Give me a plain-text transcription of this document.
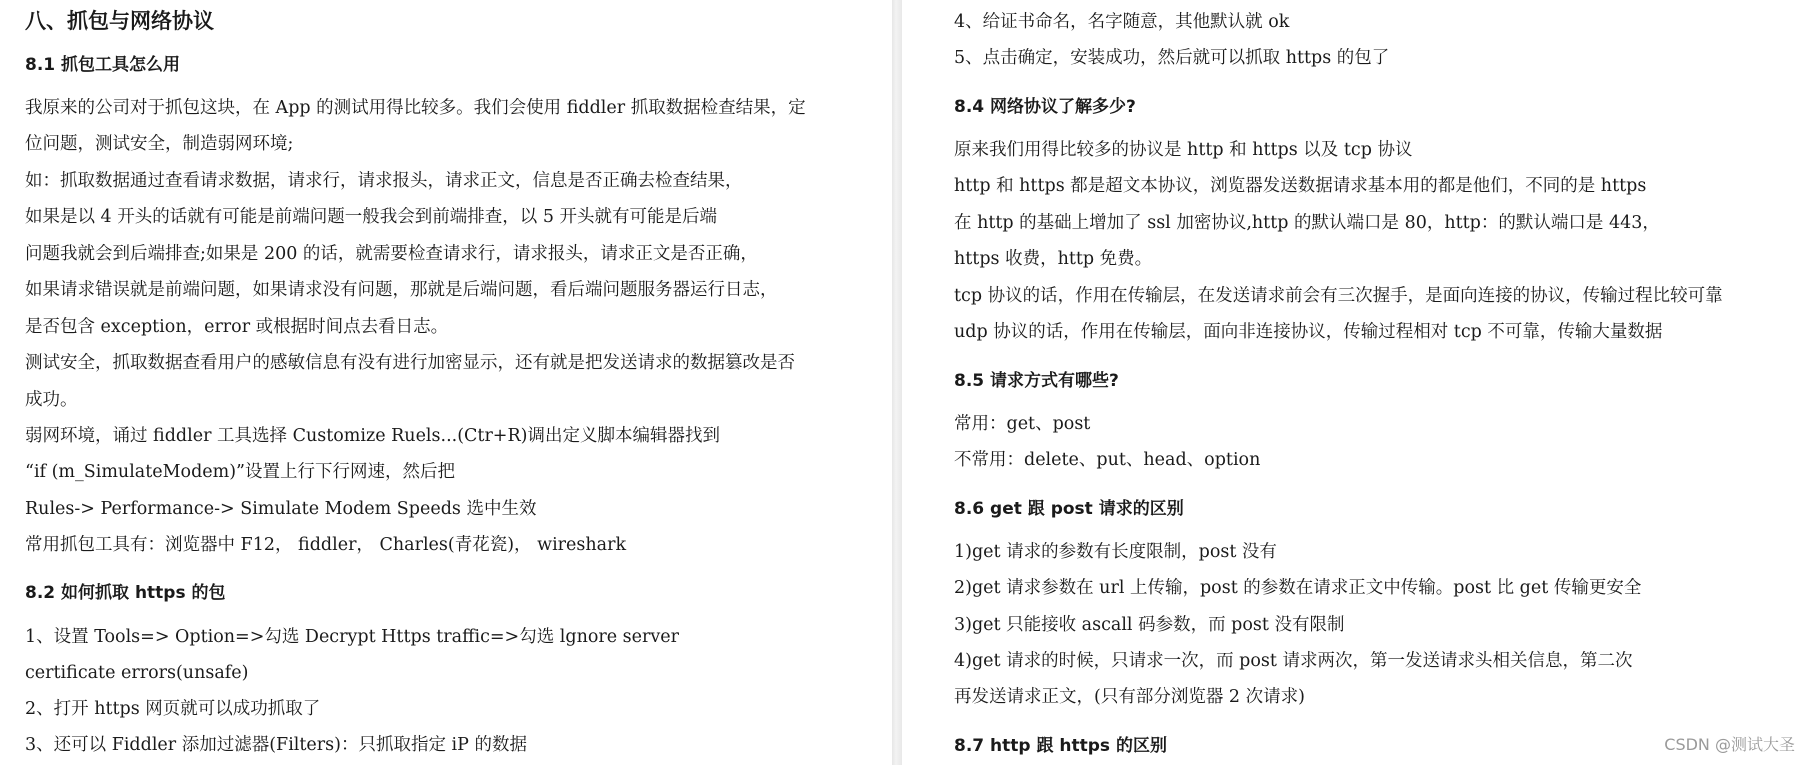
八、抓包与网络协议
8.1 抓包工具怎么用
我原来的公司对于抓包这块，在 App 的测试用得比较多。我们会使用 fiddler 抓取数据检查结果，定
位问题，测试安全，制造弱网环境;
如：抓取数据通过查看请求数据，请求行，请求报头，请求正文，信息是否正确去检查结果，
如果是以 4 开头的话就有可能是前端问题一般我会到前端排查，以 5 开头就有可能是后端
问题我就会到后端排查;如果是 200 的话，就需要检查请求行，请求报头，请求正文是否正确，
如果请求错误就是前端问题，如果请求没有问题，那就是后端问题，看后端问题服务器运行日志，
是否包含 exception，error 或根据时间点去看日志。
测试安全，抓取数据查看用户的感敏信息有没有进行加密显示，还有就是把发送请求的数据篡改是否
成功。
弱网环境，诵过 fiddler 工具选择 Customize Ruels...(Ctr+R)调出定义脚本编辑器找到
“if (m_SimulateModem)”设置上行下行网速，然后把
Rules-> Performance-> Simulate Modem Speeds 选中生效
常用抓包工具有：浏览器中 F12， fiddler， Charles(青花瓷)， wireshark
8.2 如何抓取 https 的包
1、设置 Tools=> Option=>勾选 Decrypt Https traffic=>勾选 lgnore server
certificate errors(unsafe)
2、打开 https 网页就可以成功抓取了
3、还可以 Fiddler 添加过滤器(Filters)：只抓取指定 iP 的数据
4、给证书命名，名字随意，其他默认就 ok
5、点击确定，安装成功，然后就可以抓取 https 的包了
8.4 网络协议了解多少?
原来我们用得比较多的协议是 http 和 https 以及 tcp 协议
http 和 https 都是超文本协议，浏览器发送数据请求基本用的都是他们，不同的是 https
在 http 的基础上增加了 ssl 加密协议,http 的默认端口是 80，http：的默认端口是 443，
https 收费，http 免费。
tcp 协议的话，作用在传输层，在发送请求前会有三次握手，是面向连接的协议，传输过程比较可靠
udp 协议的话，作用在传输层，面向非连接协议，传输过程相对 tcp 不可靠，传输大量数据
8.5 请求方式有哪些?
常用：get、post
不常用：delete、put、head、option
8.6 get 跟 post 请求的区别
1)get 请求的参数有长度限制，post 没有
2)get 请求参数在 url 上传输，post 的参数在请求正文中传输。post 比 get 传输更安全
3)get 只能接收 ascall 码参数，而 post 没有限制
4)get 请求的时候，只请求一次，而 post 请求两次，第一发送请求头相关信息，第二次
再发送请求正文，(只有部分浏览器 2 次请求)
8.7 http 跟 https 的区别	CSDN @测试大圣
